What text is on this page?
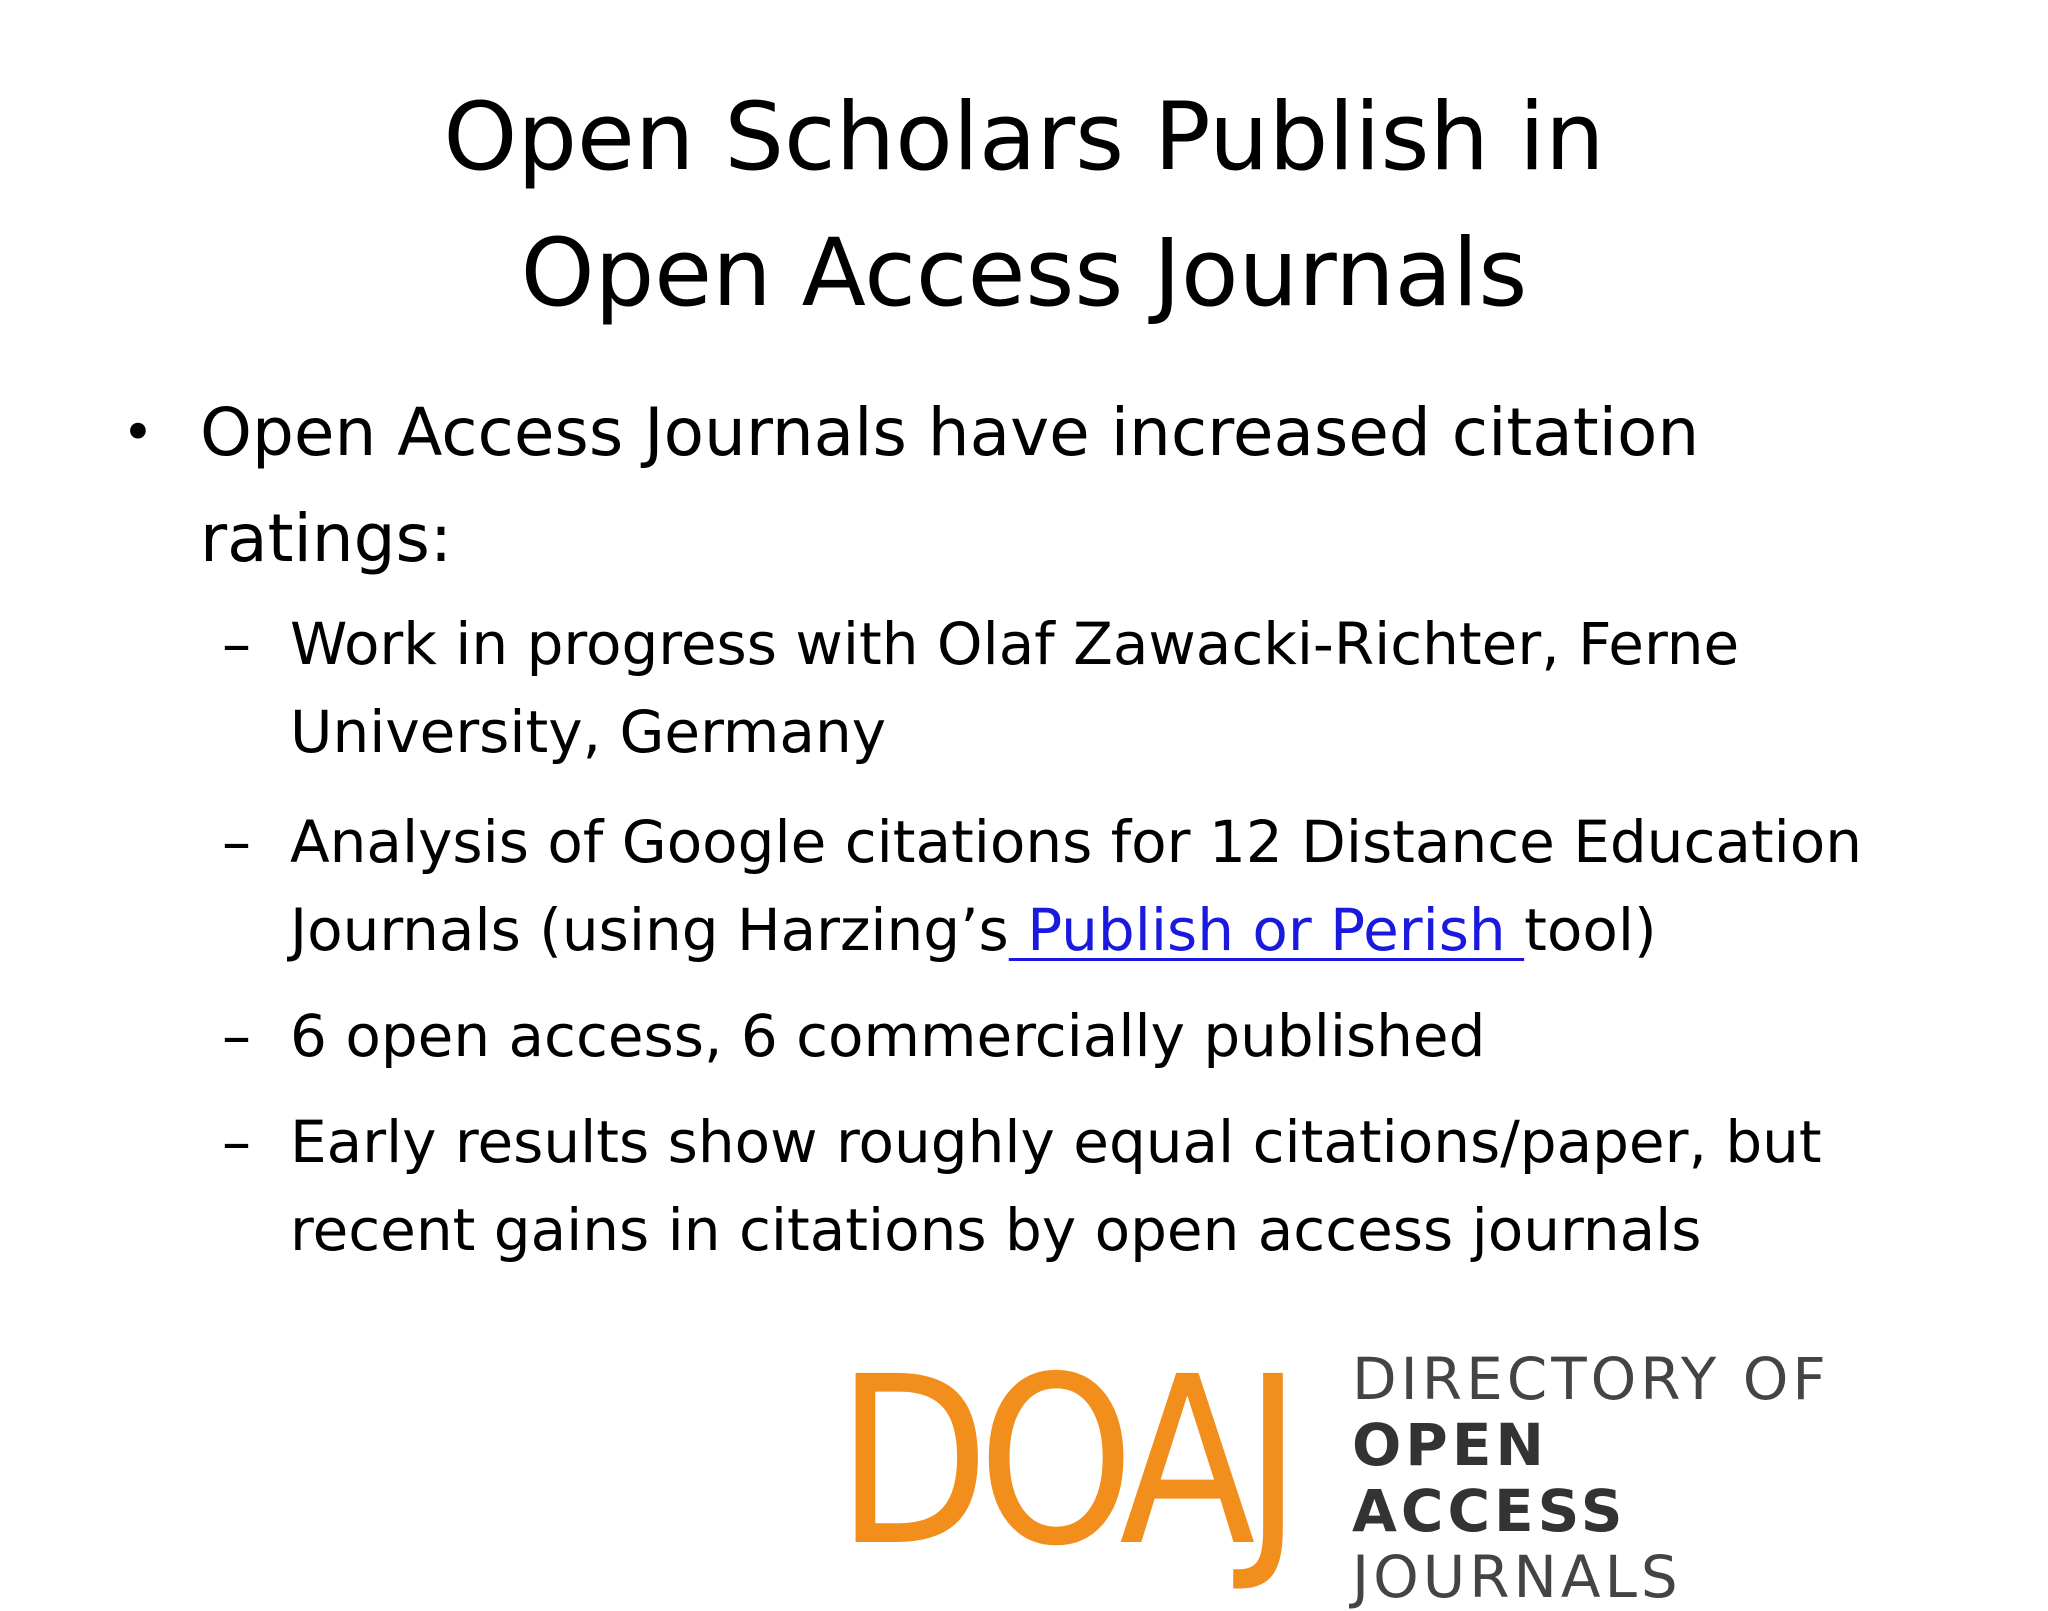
Open Scholars Publish in
Open Access Journals
• Open Access Journals have increased citation ratings:
– Work in progress with Olaf Zawacki-Richter, Ferne University, Germany
– Analysis of Google citations for 12 Distance Education Journals (using Harzing’s Publish or Perish tool)
– 6 open access, 6 commercially published
– Early results show roughly equal citations/paper, but recent gains in citations by open access journals
DOAJ DIRECTORY OF
OPEN ACCESS
JOURNALS
